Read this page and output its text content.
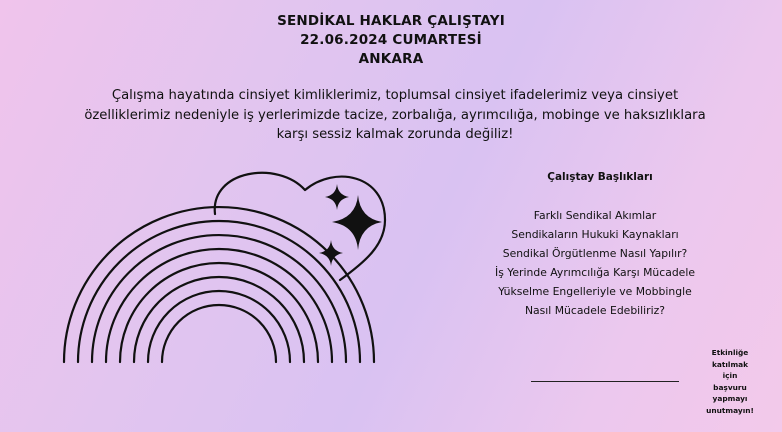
SENDİKAL HAKLAR ÇALIŞTAYI
22.06.2024 CUMARTESİ
ANKARA
Çalışma hayatında cinsiyet kimliklerimiz, toplumsal cinsiyet ifadelerimiz veya cinsiyet
özelliklerimiz nedeniyle iş yerlerimizde tacize, zorbalığa, ayrımcılığa, mobinge ve haksızlıklara
karşı sessiz kalmak zorunda değiliz!
Çalıştay Başlıkları
Farklı Sendikal Akımlar
Sendikaların Hukuki Kaynakları
Sendikal Örgütlenme Nasıl Yapılır?
İş Yerinde Ayrımcılığa Karşı Mücadele
Yükselme Engelleriyle ve Mobbingle
Nasıl Mücadele Edebiliriz?
Etkinliğe
katılmak
için
başvuru
yapmayı
unutmayın!
